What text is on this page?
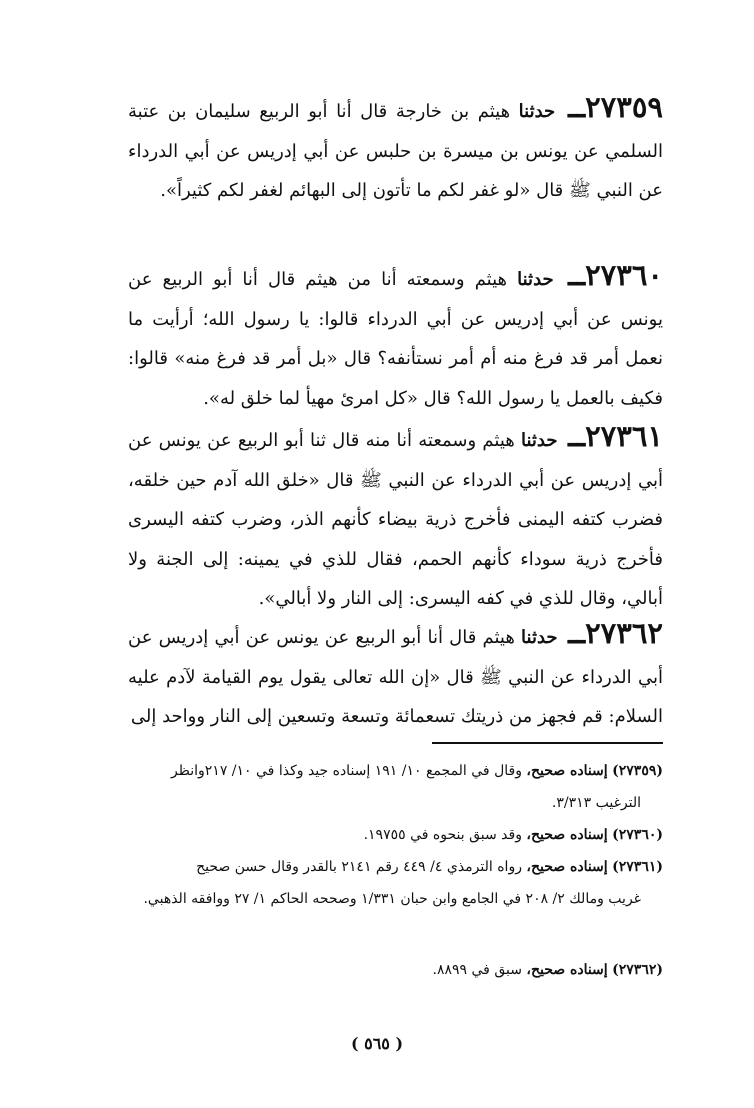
٢٧٣٥٩ــ حدثنا هيثم بن خارجة قال أنا أبو الربيع سليمان بن عتبة السلمي عن يونس بن ميسرة بن حلبس عن أبي إدريس عن أبي الدرداء عن النبي ﷺ قال «لو غفر لكم ما تأتون إلى البهائم لغفر لكم كثيراً».
٢٧٣٦٠ــ حدثنا هيثم وسمعته أنا من هيثم قال أنا أبو الربيع عن يونس عن أبي إدريس عن أبي الدرداء قالوا: يا رسول الله؛ أرأيت ما نعمل أمر قد فرغ منه أم أمر نستأنفه؟ قال «بل أمر قد فرغ منه» قالوا: فكيف بالعمل يا رسول الله؟ قال «كل امرئ مهيأ لما خلق له».
٢٧٣٦١ــ حدثنا هيثم وسمعته أنا منه قال ثنا أبو الربيع عن يونس عن أبي إدريس عن أبي الدرداء عن النبي ﷺ قال «خلق الله آدم حين خلقه، فضرب كتفه اليمنى فأخرج ذرية بيضاء كأنهم الذر، وضرب كتفه اليسرى فأخرج ذرية سوداء كأنهم الحمم، فقال للذي في يمينه: إلى الجنة ولا أبالي، وقال للذي في كفه اليسرى: إلى النار ولا أبالي».
٢٧٣٦٢ــ حدثنا هيثم قال أنا أبو الربيع عن يونس عن أبي إدريس عن أبي الدرداء عن النبي ﷺ قال «إن الله تعالى يقول يوم القيامة لآدم عليه السلام: قم فجهز من ذريتك تسعمائة وتسعة وتسعين إلى النار وواحد إلى
(٢٧٣٥٩) إسناده صحيح، وقال في المجمع ١٠/ ١٩١ إسناده جيد وكذا في ١٠/ ٢١٧وانظر
الترغيب ٣/٣١٣.
(٢٧٣٦٠) إسناده صحيح، وقد سبق بنحوه في ١٩٧٥٥.
(٢٧٣٦١) إسناده صحيح، رواه الترمذي ٤/ ٤٤٩ رقم ٢١٤١ بالقدر وقال حسن صحيح
غريب ومالك ٢/ ٢٠٨ في الجامع وابن حبان ١/٣٣١ وصححه الحاكم ١/ ٢٧ ووافقه الذهبي.
(٢٧٣٦٢) إسناده صحيح، سبق في ٨٨٩٩.
( ٥٦٥ )
